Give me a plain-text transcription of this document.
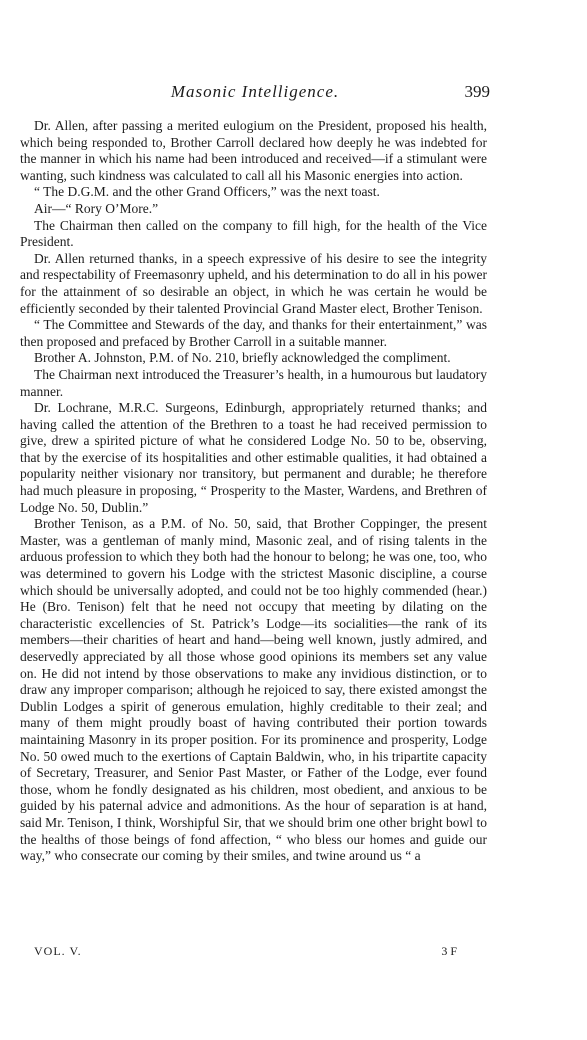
Masonic Intelligence.	399

Dr. Allen, after passing a merited eulogium on the President, proposed his health, which being responded to, Brother Carroll declared how deeply he was indebted for the manner in which his name had been introduced and received—if a stimulant were wanting, such kindness was calculated to call all his Masonic energies into action.

“ The D.G.M. and the other Grand Officers,” was the next toast.

Air—“ Rory O’More.”

The Chairman then called on the company to fill high, for the health of the Vice President.

Dr. Allen returned thanks, in a speech expressive of his desire to see the integrity and respectability of Freemasonry upheld, and his determination to do all in his power for the attainment of so desirable an object, in which he was certain he would be efficiently seconded by their talented Provincial Grand Master elect, Brother Tenison.

“ The Committee and Stewards of the day, and thanks for their entertainment,” was then proposed and prefaced by Brother Carroll in a suitable manner.

Brother A. Johnston, P.M. of No. 210, briefly acknowledged the compliment.

The Chairman next introduced the Treasurer’s health, in a humourous but laudatory manner.

Dr. Lochrane, M.R.C. Surgeons, Edinburgh, appropriately returned thanks; and having called the attention of the Brethren to a toast he had received permission to give, drew a spirited picture of what he considered Lodge No. 50 to be, observing, that by the exercise of its hospitalities and other estimable qualities, it had obtained a popularity neither visionary nor transitory, but permanent and durable; he therefore had much pleasure in proposing, “ Prosperity to the Master, Wardens, and Brethren of Lodge No. 50, Dublin.”

Brother Tenison, as a P.M. of No. 50, said, that Brother Coppinger, the present Master, was a gentleman of manly mind, Masonic zeal, and of rising talents in the arduous profession to which they both had the honour to belong; he was one, too, who was determined to govern his Lodge with the strictest Masonic discipline, a course which should be universally adopted, and could not be too highly commended (hear.) He (Bro. Tenison) felt that he need not occupy that meeting by dilating on the characteristic excellencies of St. Patrick’s Lodge—its socialities—the rank of its members—their charities of heart and hand—being well known, justly admired, and deservedly appreciated by all those whose good opinions its members set any value on. He did not intend by those observations to make any invidious distinction, or to draw any improper comparison; although he rejoiced to say, there existed amongst the Dublin Lodges a spirit of generous emulation, highly creditable to their zeal; and many of them might proudly boast of having contributed their portion towards maintaining Masonry in its proper position. For its prominence and prosperity, Lodge No. 50 owed much to the exertions of Captain Baldwin, who, in his tripartite capacity of Secretary, Treasurer, and Senior Past Master, or Father of the Lodge, ever found those, whom he fondly designated as his children, most obedient, and anxious to be guided by his paternal advice and admonitions. As the hour of separation is at hand, said Mr. Tenison, I think, Worshipful Sir, that we should brim one other bright bowl to the healths of those beings of fond affection, “ who bless our homes and guide our way,” who consecrate our coming by their smiles, and twine around us “ a

VOL. V.	3 F
